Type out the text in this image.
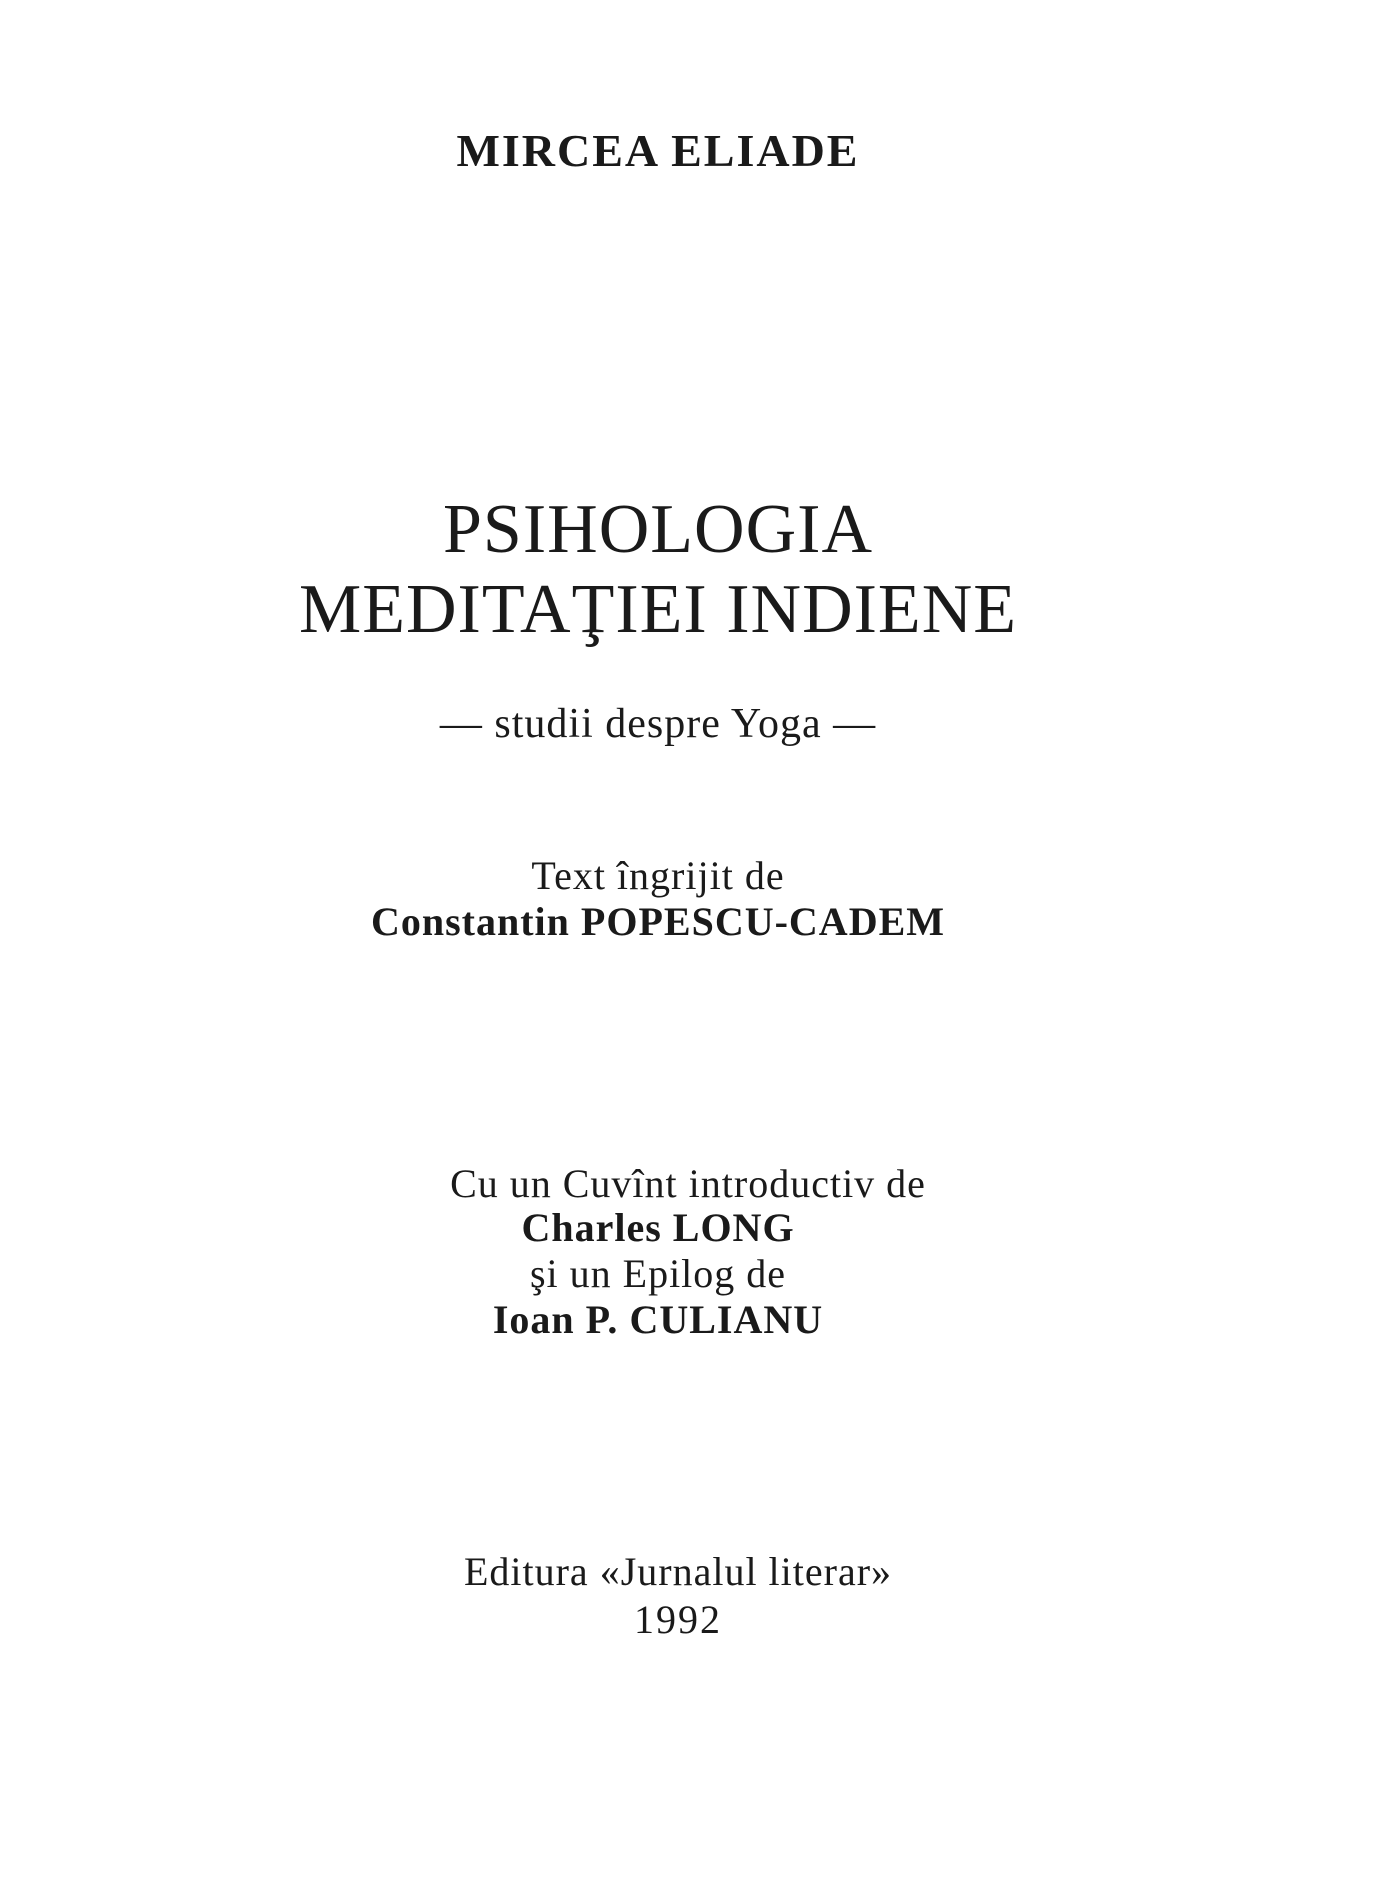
MIRCEA ELIADE
PSIHOLOGIA
MEDITAŢIEI INDIENE
— studii despre Yoga —
Text îngrijit de
Constantin POPESCU-CADEM
Cu un Cuvînt introductiv de
Charles LONG
şi un Epilog de
Ioan P. CULIANU
Editura «Jurnalul literar»
1992
